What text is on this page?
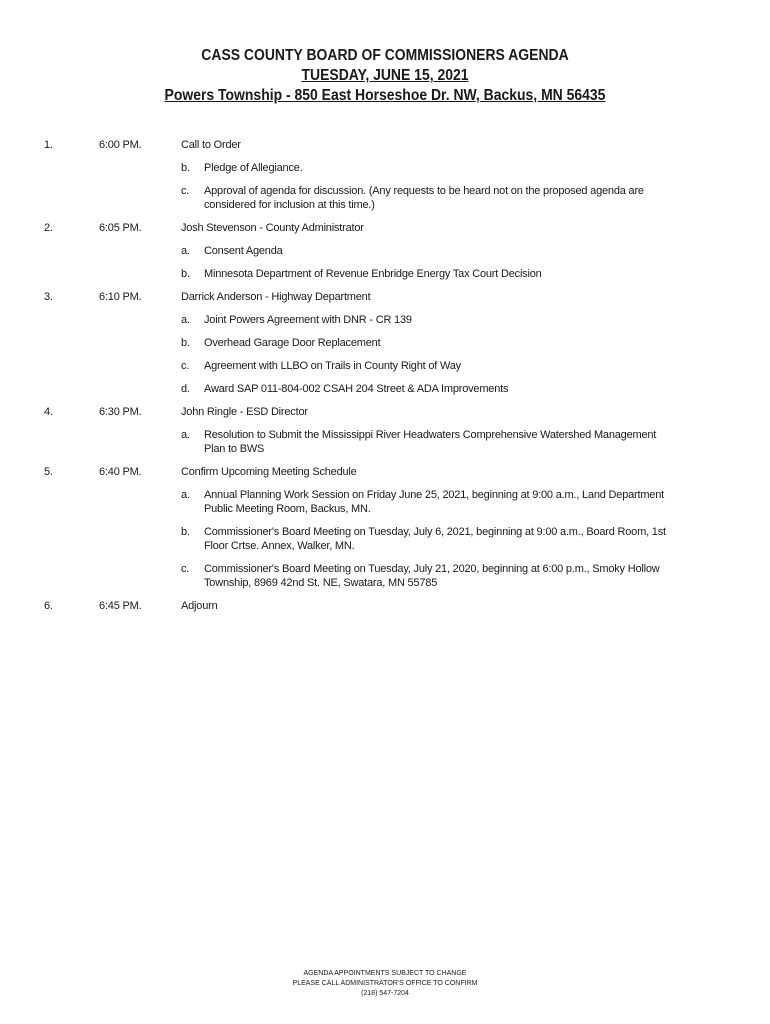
CASS COUNTY BOARD OF COMMISSIONERS AGENDA
TUESDAY, JUNE 15, 2021
Powers Township - 850 East Horseshoe Dr. NW, Backus, MN 56435
1.	6:00 PM.	Call to Order
b. Pledge of Allegiance.
c. Approval of agenda for discussion. (Any requests to be heard not on the proposed agenda are considered for inclusion at this time.)
2.	6:05 PM.	Josh Stevenson - County Administrator
a. Consent Agenda
b. Minnesota Department of Revenue Enbridge Energy Tax Court Decision
3.	6:10 PM.	Darrick Anderson - Highway Department
a. Joint Powers Agreement with DNR - CR 139
b. Overhead Garage Door Replacement
c. Agreement with LLBO on Trails in County Right of Way
d. Award SAP 011-804-002 CSAH 204 Street & ADA Improvements
4.	6:30 PM.	John Ringle - ESD Director
a. Resolution to Submit the Mississippi River Headwaters Comprehensive Watershed Management Plan to BWS
5.	6:40 PM.	Confirm Upcoming Meeting Schedule
a. Annual Planning Work Session on Friday June 25, 2021, beginning at 9:00 a.m., Land Department Public Meeting Room, Backus, MN.
b. Commissioner's Board Meeting on Tuesday, July 6, 2021, beginning at 9:00 a.m., Board Room, 1st Floor Crtse. Annex, Walker, MN.
c. Commissioner's Board Meeting on Tuesday, July 21, 2020, beginning at 6:00 p.m., Smoky Hollow Township, 8969 42nd St. NE, Swatara, MN 55785
6.	6:45 PM.	Adjourn
AGENDA APPOINTMENTS SUBJECT TO CHANGE
PLEASE CALL ADMINISTRATOR'S OFFICE TO CONFIRM
(218) 547-7204
